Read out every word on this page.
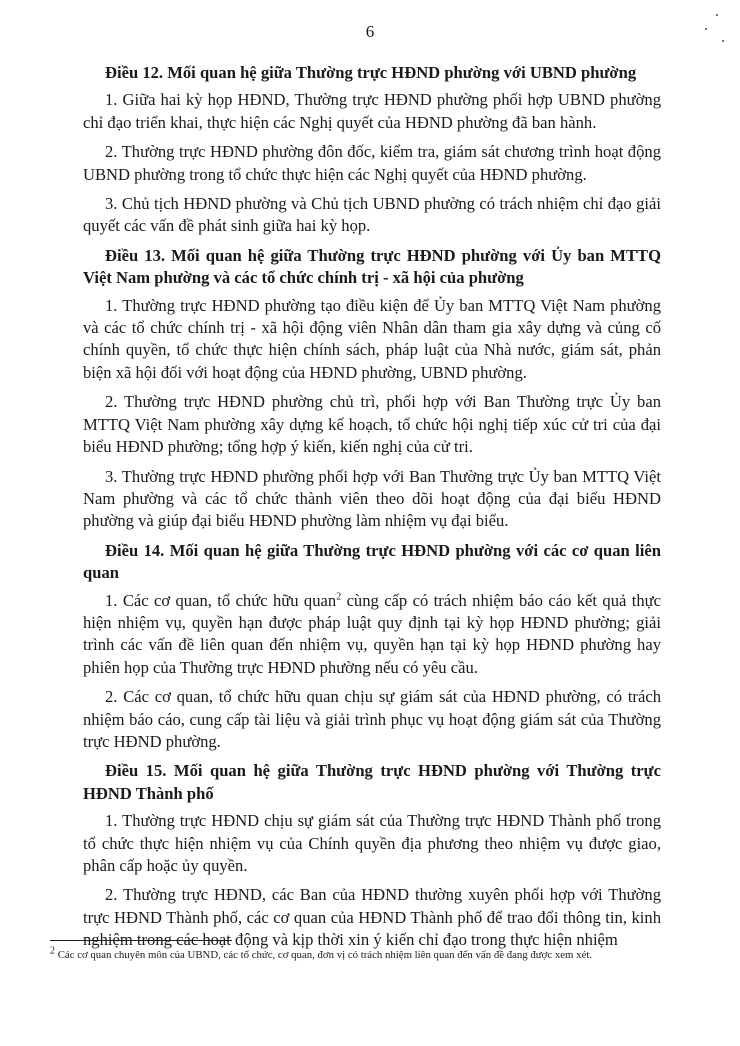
6

Điều 12. Mối quan hệ giữa Thường trực HĐND phường với UBND phường

1. Giữa hai kỳ họp HĐND, Thường trực HĐND phường phối hợp UBND phường chỉ đạo triển khai, thực hiện các Nghị quyết của HĐND phường đã ban hành.

2. Thường trực HĐND phường đôn đốc, kiểm tra, giám sát chương trình hoạt động UBND phường trong tổ chức thực hiện các Nghị quyết của HĐND phường.

3. Chủ tịch HĐND phường và Chủ tịch UBND phường có trách nhiệm chỉ đạo giải quyết các vấn đề phát sinh giữa hai kỳ họp.

Điều 13. Mối quan hệ giữa Thường trực HĐND phường với Ủy ban MTTQ Việt Nam phường và các tổ chức chính trị - xã hội của phường

1. Thường trực HĐND phường tạo điều kiện để Ủy ban MTTQ Việt Nam phường và các tổ chức chính trị - xã hội động viên Nhân dân tham gia xây dựng và củng cố chính quyền, tổ chức thực hiện chính sách, pháp luật của Nhà nước, giám sát, phản biện xã hội đối với hoạt động của HĐND phường, UBND phường.

2. Thường trực HĐND phường chủ trì, phối hợp với Ban Thường trực Ủy ban MTTQ Việt Nam phường xây dựng kế hoạch, tổ chức hội nghị tiếp xúc cử tri của đại biểu HĐND phường; tổng hợp ý kiến, kiến nghị của cử tri.

3. Thường trực HĐND phường phối hợp với Ban Thường trực Ủy ban MTTQ Việt Nam phường và các tổ chức thành viên theo dõi hoạt động của đại biểu HĐND phường và giúp đại biểu HĐND phường làm nhiệm vụ đại biểu.

Điều 14. Mối quan hệ giữa Thường trực HĐND phường với các cơ quan liên quan

1. Các cơ quan, tổ chức hữu quan$^2$ cùng cấp có trách nhiệm báo cáo kết quả thực hiện nhiệm vụ, quyền hạn được pháp luật quy định tại kỳ họp HĐND phường; giải trình các vấn đề liên quan đến nhiệm vụ, quyền hạn tại kỳ họp HĐND phường hay phiên họp của Thường trực HĐND phường nếu có yêu cầu.

2. Các cơ quan, tổ chức hữu quan chịu sự giám sát của HĐND phường, có trách nhiệm báo cáo, cung cấp tài liệu và giải trình phục vụ hoạt động giám sát của Thường trực HĐND phường.

Điều 15. Mối quan hệ giữa Thường trực HĐND phường với Thường trực HĐND Thành phố

1. Thường trực HĐND chịu sự giám sát của Thường trực HĐND Thành phố trong tổ chức thực hiện nhiệm vụ của Chính quyền địa phương theo nhiệm vụ được giao, phân cấp hoặc ủy quyền.

2. Thường trực HĐND, các Ban của HĐND thường xuyên phối hợp với Thường trực HĐND Thành phố, các cơ quan của HĐND Thành phố để trao đổi thông tin, kinh nghiệm trong các hoạt động và kịp thời xin ý kiến chỉ đạo trong thực hiện nhiệm

$^2$ Các cơ quan chuyên môn của UBND, các tổ chức, cơ quan, đơn vị có trách nhiệm liên quan đến vấn đề đang được xem xét.
